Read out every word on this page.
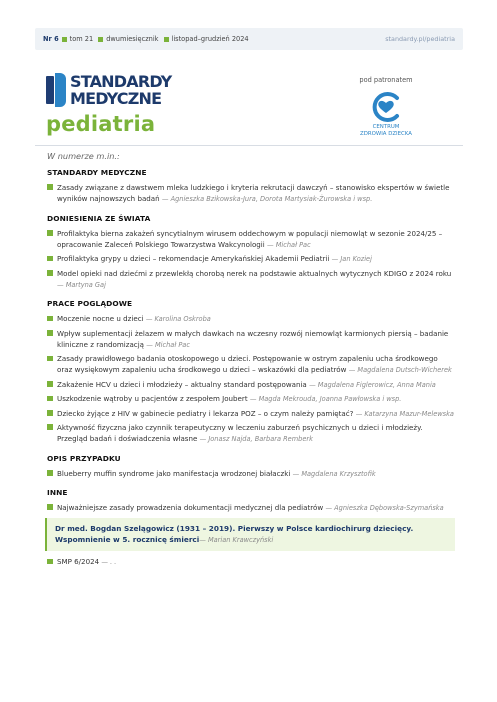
Nr 6 tom 21 dwumiesięcznik listopad–grudzień 2024	standardy.pl/pediatria
STANDARDY
MEDYCZNE
pediatria
pod patronatem
CENTRUM
ZDROWIA DZIECKA
W numerze m.in.:
STANDARDY MEDYCZNE
Zasady związane z dawstwem mleka ludzkiego i kryteria rekrutacji dawczyń – stanowisko ekspertów w świetle wyników najnowszych badań — Agnieszka Bzikowska-Jura, Dorota Martysiak-Żurowska i wsp.
DONIESIENIA ZE ŚWIATA
Profilaktyka bierna zakażeń syncytialnym wirusem oddechowym w populacji niemowląt w sezonie 2024/25 – opracowanie Zaleceń Polskiego Towarzystwa Wakcynologii — Michał Pac
Profilaktyka grypy u dzieci – rekomendacje Amerykańskiej Akademii Pediatrii — Jan Koziej
Model opieki nad dziećmi z przewlekłą chorobą nerek na podstawie aktualnych wytycznych KDIGO z 2024 roku — Martyna Gaj
PRACE POGLĄDOWE
Moczenie nocne u dzieci — Karolina Oskroba
Wpływ suplementacji żelazem w małych dawkach na wczesny rozwój niemowląt karmionych piersią – badanie kliniczne z randomizacją — Michał Pac
Zasady prawidłowego badania otoskopowego u dzieci. Postępowanie w ostrym zapaleniu ucha środkowego oraz wysiękowym zapaleniu ucha środkowego u dzieci – wskazówki dla pediatrów — Magdalena Dutsch-Wicherek
Zakażenie HCV u dzieci i młodzieży – aktualny standard postępowania — Magdalena Figlerowicz, Anna Mania
Uszkodzenie wątroby u pacjentów z zespołem Joubert — Magda Mekrouda, Joanna Pawłowska i wsp.
Dziecko żyjące z HIV w gabinecie pediatry i lekarza POZ – o czym należy pamiętać? — Katarzyna Mazur-Melewska
Aktywność fizyczna jako czynnik terapeutyczny w leczeniu zaburzeń psychicznych u dzieci i młodzieży. Przegląd badań i doświadczenia własne — Jonasz Najda, Barbara Remberk
OPIS PRZYPADKU
Blueberry muffin syndrome jako manifestacja wrodzonej białaczki — Magdalena Krzysztofik
INNE
Najważniejsze zasady prowadzenia dokumentacji medycznej dla pediatrów — Agnieszka Dębowska-Szymańska
Dr med. Bogdan Szelągowicz (1931 – 2019). Pierwszy w Polsce kardiochirurg dziecięcy. Wspomnienie w 5. rocznicę śmierci— Marian Krawczyński
SMP 6/2024 — . .
